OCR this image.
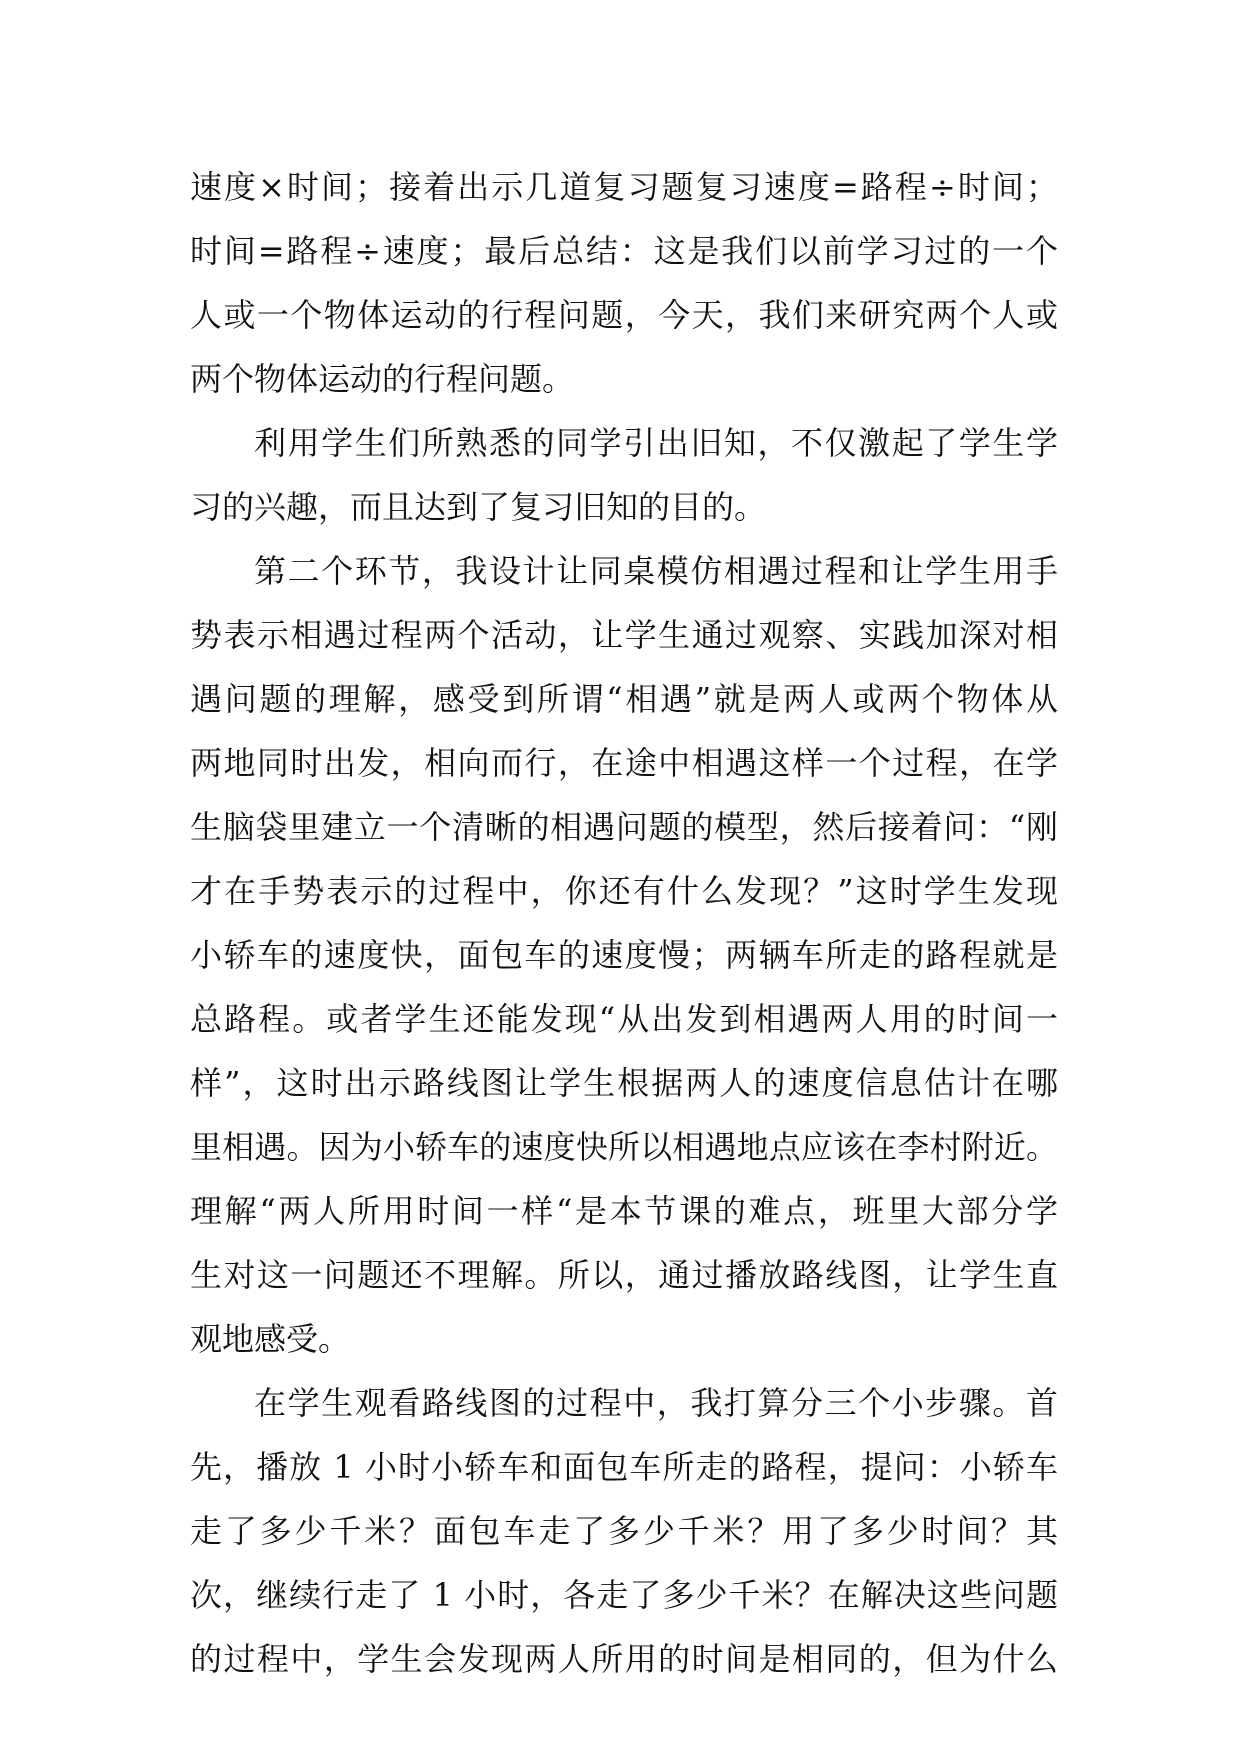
速度×时间；接着出示几道复习题复习速度=路程÷时间；
时间=路程÷速度；最后总结：这是我们以前学习过的一个
人或一个物体运动的行程问题，今天，我们来研究两个人或
两个物体运动的行程问题。
利用学生们所熟悉的同学引出旧知，不仅激起了学生学
习的兴趣，而且达到了复习旧知的目的。
第二个环节，我设计让同桌模仿相遇过程和让学生用手
势表示相遇过程两个活动，让学生通过观察、实践加深对相
遇问题的理解，感受到所谓“相遇”就是两人或两个物体从
两地同时出发，相向而行，在途中相遇这样一个过程，在学
生脑袋里建立一个清晰的相遇问题的模型，然后接着问：“刚
才在手势表示的过程中，你还有什么发现？”这时学生发现
小轿车的速度快，面包车的速度慢；两辆车所走的路程就是
总路程。或者学生还能发现“从出发到相遇两人用的时间一
样”，这时出示路线图让学生根据两人的速度信息估计在哪
里相遇。因为小轿车的速度快所以相遇地点应该在李村附近。
理解“两人所用时间一样“是本节课的难点，班里大部分学
生对这一问题还不理解。所以，通过播放路线图，让学生直
观地感受。
在学生观看路线图的过程中，我打算分三个小步骤。首
先，播放 1 小时小轿车和面包车所走的路程，提问：小轿车
走了多少千米？面包车走了多少千米？用了多少时间？其
次，继续行走了 1 小时，各走了多少千米？在解决这些问题
的过程中，学生会发现两人所用的时间是相同的，但为什么
